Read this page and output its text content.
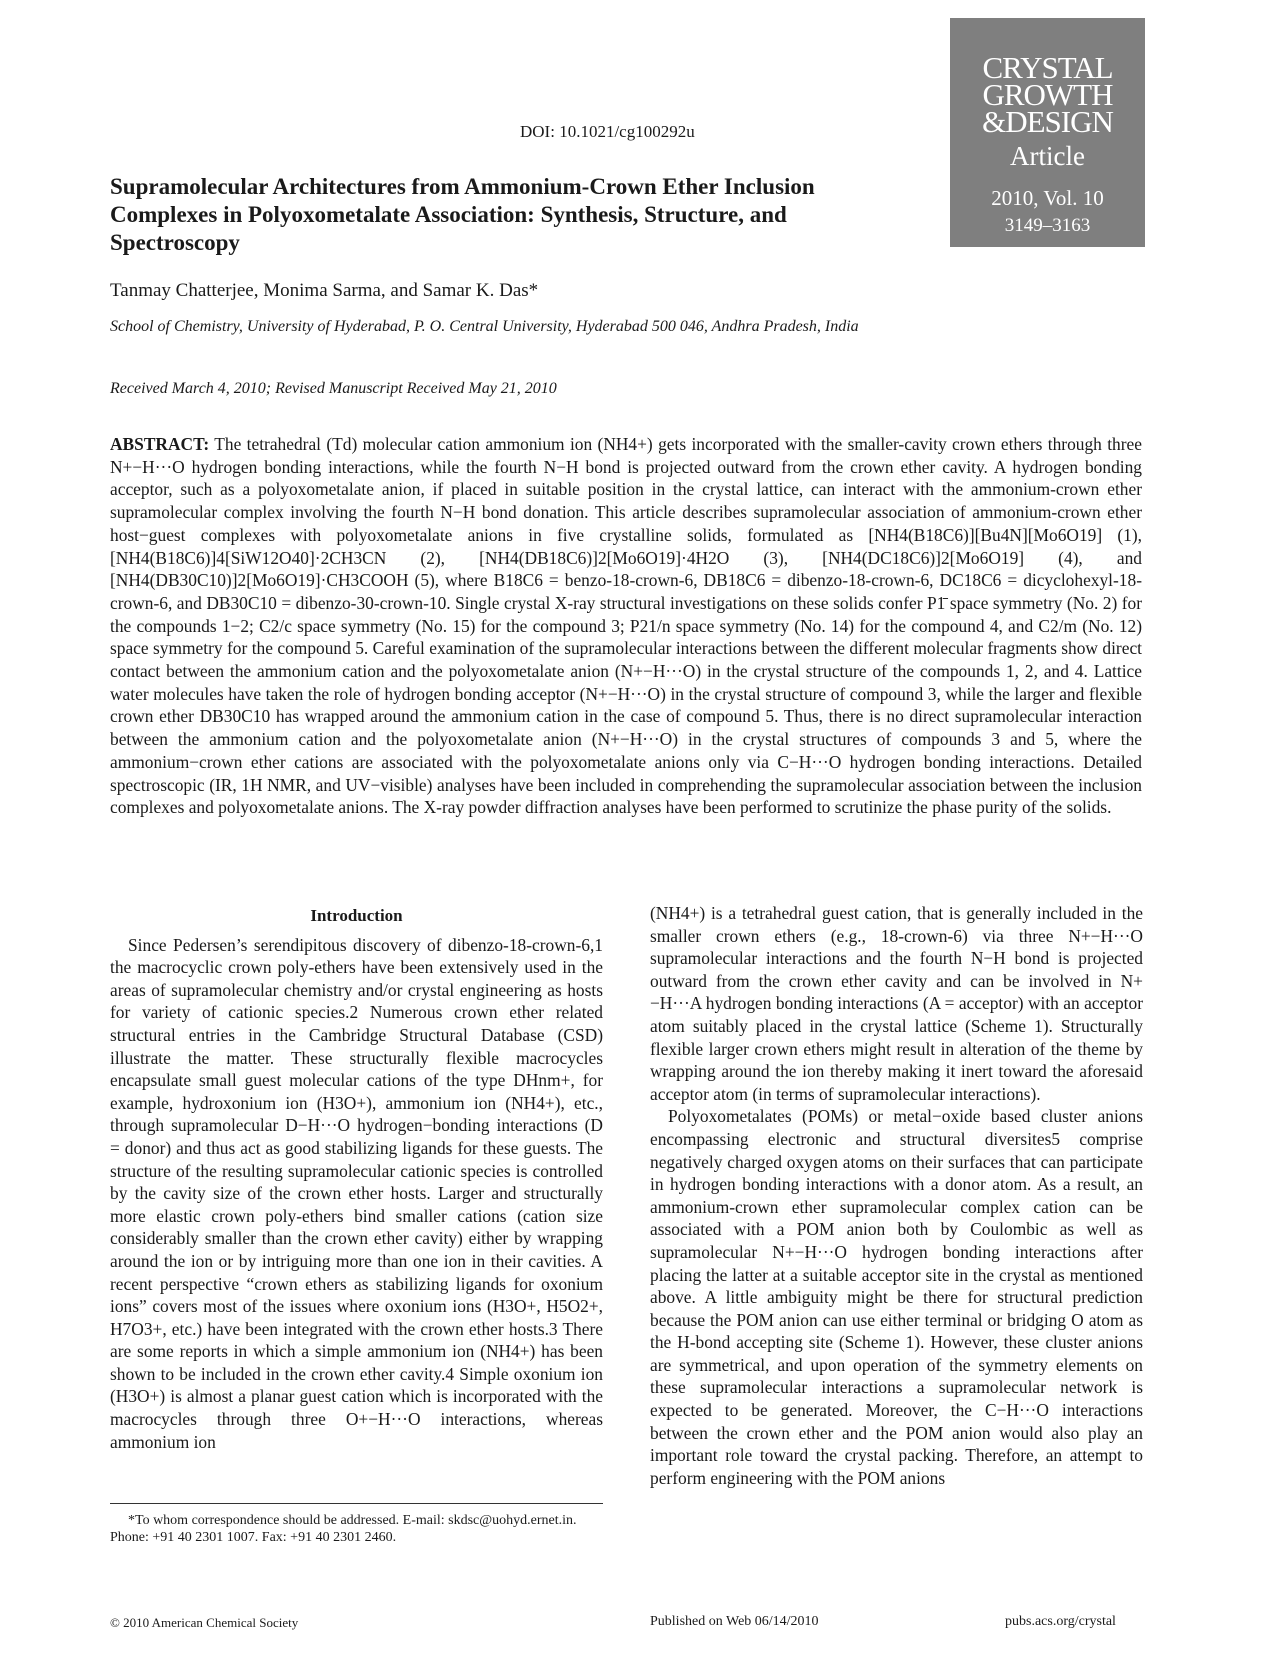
DOI: 10.1021/cg100292u
CRYSTAL
GROWTH
&DESIGN
Article
2010, Vol. 10
3149–3163
Supramolecular Architectures from Ammonium-Crown Ether Inclusion Complexes in Polyoxometalate Association: Synthesis, Structure, and Spectroscopy
Tanmay Chatterjee, Monima Sarma, and Samar K. Das*
School of Chemistry, University of Hyderabad, P. O. Central University, Hyderabad 500 046, Andhra Pradesh, India
Received March 4, 2010; Revised Manuscript Received May 21, 2010
ABSTRACT: The tetrahedral (Td) molecular cation ammonium ion (NH4+) gets incorporated with the smaller-cavity crown ethers through three N+−H···O hydrogen bonding interactions, while the fourth N−H bond is projected outward from the crown ether cavity. A hydrogen bonding acceptor, such as a polyoxometalate anion, if placed in suitable position in the crystal lattice, can interact with the ammonium-crown ether supramolecular complex involving the fourth N−H bond donation. This article describes supramolecular association of ammonium-crown ether host−guest complexes with polyoxometalate anions in five crystalline solids, formulated as [NH4(B18C6)][Bu4N][Mo6O19] (1), [NH4(B18C6)]4[SiW12O40]·2CH3CN (2), [NH4(DB18C6)]2[Mo6O19]·4H2O (3), [NH4(DC18C6)]2[Mo6O19] (4), and [NH4(DB30C10)]2[Mo6O19]·CH3COOH (5), where B18C6 = benzo-18-crown-6, DB18C6 = dibenzo-18-crown-6, DC18C6 = dicyclohexyl-18-crown-6, and DB30C10 = dibenzo-30-crown-10. Single crystal X-ray structural investigations on these solids confer P1̄ space symmetry (No. 2) for the compounds 1−2; C2/c space symmetry (No. 15) for the compound 3; P21/n space symmetry (No. 14) for the compound 4, and C2/m (No. 12) space symmetry for the compound 5. Careful examination of the supramolecular interactions between the different molecular fragments show direct contact between the ammonium cation and the polyoxometalate anion (N+−H···O) in the crystal structure of the compounds 1, 2, and 4. Lattice water molecules have taken the role of hydrogen bonding acceptor (N+−H···O) in the crystal structure of compound 3, while the larger and flexible crown ether DB30C10 has wrapped around the ammonium cation in the case of compound 5. Thus, there is no direct supramolecular interaction between the ammonium cation and the polyoxometalate anion (N+−H···O) in the crystal structures of compounds 3 and 5, where the ammonium−crown ether cations are associated with the polyoxometalate anions only via C−H···O hydrogen bonding interactions. Detailed spectroscopic (IR, 1H NMR, and UV−visible) analyses have been included in comprehending the supramolecular association between the inclusion complexes and polyoxometalate anions. The X-ray powder diffraction analyses have been performed to scrutinize the phase purity of the solids.
Introduction

Since Pedersen’s serendipitous discovery of dibenzo-18-crown-6,1 the macrocyclic crown poly-ethers have been extensively used in the areas of supramolecular chemistry and/or crystal engineering as hosts for variety of cationic species.2 Numerous crown ether related structural entries in the Cambridge Structural Database (CSD) illustrate the matter. These structurally flexible macrocycles encapsulate small guest molecular cations of the type DHnm+, for example, hydroxonium ion (H3O+), ammonium ion (NH4+), etc., through supramolecular D−H···O hydrogen−bonding interactions (D = donor) and thus act as good stabilizing ligands for these guests. The structure of the resulting supramolecular cationic species is controlled by the cavity size of the crown ether hosts. Larger and structurally more elastic crown poly-ethers bind smaller cations (cation size considerably smaller than the crown ether cavity) either by wrapping around the ion or by intriguing more than one ion in their cavities. A recent perspective “crown ethers as stabilizing ligands for oxonium ions” covers most of the issues where oxonium ions (H3O+, H5O2+, H7O3+, etc.) have been integrated with the crown ether hosts.3 There are some reports in which a simple ammonium ion (NH4+) has been shown to be included in the crown ether cavity.4 Simple oxonium ion (H3O+) is almost a planar guest cation which is incorporated with the macrocycles through three O+−H···O interactions, whereas ammonium ion

(NH4+) is a tetrahedral guest cation, that is generally included in the smaller crown ethers (e.g., 18-crown-6) via three N+−H···O supramolecular interactions and the fourth N−H bond is projected outward from the crown ether cavity and can be involved in N+−H···A hydrogen bonding interactions (A = acceptor) with an acceptor atom suitably placed in the crystal lattice (Scheme 1). Structurally flexible larger crown ethers might result in alteration of the theme by wrapping around the ion thereby making it inert toward the aforesaid acceptor atom (in terms of supramolecular interactions).

Polyoxometalates (POMs) or metal−oxide based cluster anions encompassing electronic and structural diversites5 comprise negatively charged oxygen atoms on their surfaces that can participate in hydrogen bonding interactions with a donor atom. As a result, an ammonium-crown ether supramolecular complex cation can be associated with a POM anion both by Coulombic as well as supramolecular N+−H···O hydrogen bonding interactions after placing the latter at a suitable acceptor site in the crystal as mentioned above. A little ambiguity might be there for structural prediction because the POM anion can use either terminal or bridging O atom as the H-bond accepting site (Scheme 1). However, these cluster anions are symmetrical, and upon operation of the symmetry elements on these supramolecular interactions a supramolecular network is expected to be generated. Moreover, the C−H···O interactions between the crown ether and the POM anion would also play an important role toward the crystal packing. Therefore, an attempt to perform engineering with the POM anions

*To whom correspondence should be addressed. E-mail: skdsc@uohyd.ernet.in. Phone: +91 40 2301 1007. Fax: +91 40 2301 2460.
© 2010 American Chemical Society	Published on Web 06/14/2010	pubs.acs.org/crystal
